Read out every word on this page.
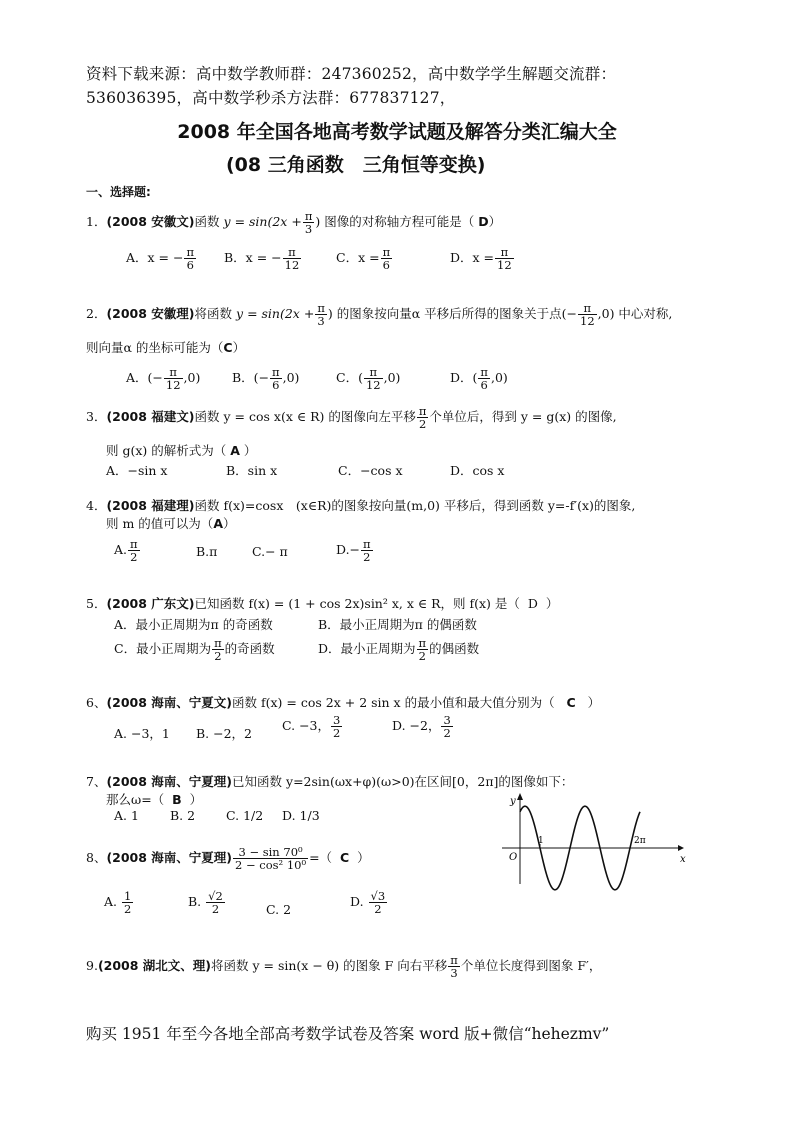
资料下载来源：高中数学教师群：247360252，高中数学学生解题交流群：
536036395，高中数学秒杀方法群：677837127，
2008 年全国各地高考数学试题及解答分类汇编大全
(08 三角函数　三角恒等变换)
一、选择题:
1．(2008 安徽文)函数 $y = \sin(2x + \frac{\pi}{3}$ ) 图像的对称轴方程可能是（ D）
A．x = − $\frac{\pi}{6}$ B．x = − $\frac{\pi}{12}$	C．$x = \frac{\pi}{6}$	D．$x = \frac{\pi}{12}$
2．(2008 安徽理)将函数 $y = \sin(2x + \frac{\pi}{3}$ ) 的图象按向量α 平移后所得的图象关于点(− $\frac{\pi}{12} ,0$) 中心对称,
则向量α 的坐标可能为（C）
A．(− $\frac{\pi}{12} ,0$)	B．(− $\frac{\pi}{6} ,0$)	C．( $\frac{\pi}{12} ,0$)	D．( $\frac{\pi}{6} ,0$)
3．(2008 福建文)函数 y = cos x(x ∈ R) 的图像向左平移 $\frac{\pi}{2}$ 个单位后，得到 y = g(x) 的图像,
则 g(x) 的解析式为（ A ）
A．−sin x	B．sin x	C．−cos x	D．cos x
4．(2008 福建理)函数 f(x)=cosx　(x∈R)的图象按向量(m,0) 平移后，得到函数 y=-f′(x)的图象,
则 m 的值可以为（A）
A. $\frac{\pi}{2}$	B.π	C.− π	$D.- \frac{\pi}{2}$
5．(2008 广东文)已知函数 f(x) = (1 + cos 2x)sin² x, x ∈ R，则 f(x) 是（ D ）
A．最小正周期为π 的奇函数	B．最小正周期为π 的偶函数
C．最小正周期为 $\frac{\pi}{2}$ 的奇函数	D．最小正周期为 $\frac{\pi}{2}$ 的偶函数
6、(2008 海南、宁夏文)函数 f(x) = cos 2x + 2 sin x 的最小值和最大值分别为（ C ）
A. −3，1 B. −2，2
C. −3， $\frac{3}{2}$	D. −2， $\frac{3}{2}$
7、(2008 海南、宁夏理)已知函数 y=2sin(ωx+φ)(ω>0)在区间[0，2π]的图像如下：
那么ω=（ B ）
A. 1 B. 2 C. 1/2 D. 1/3
y
x
O
1	2π
8、(2008 海南、宁夏理) $\frac{\text{3 − sin 70⁰}}{\text{2 − cos² 10⁰}}$ =（ C ）
A. $\frac{1}{2}$	B. $\frac{√2}{2}$	C. 2
D. $\frac{√3}{2}$
9.(2008 湖北文、理)将函数 y = sin(x − θ) 的图象 F 向右平移 $\frac{\pi}{3}$ 个单位长度得到图象 F′，
购买 1951 年至今各地全部高考数学试卷及答案 word 版+微信“hehezmv”
